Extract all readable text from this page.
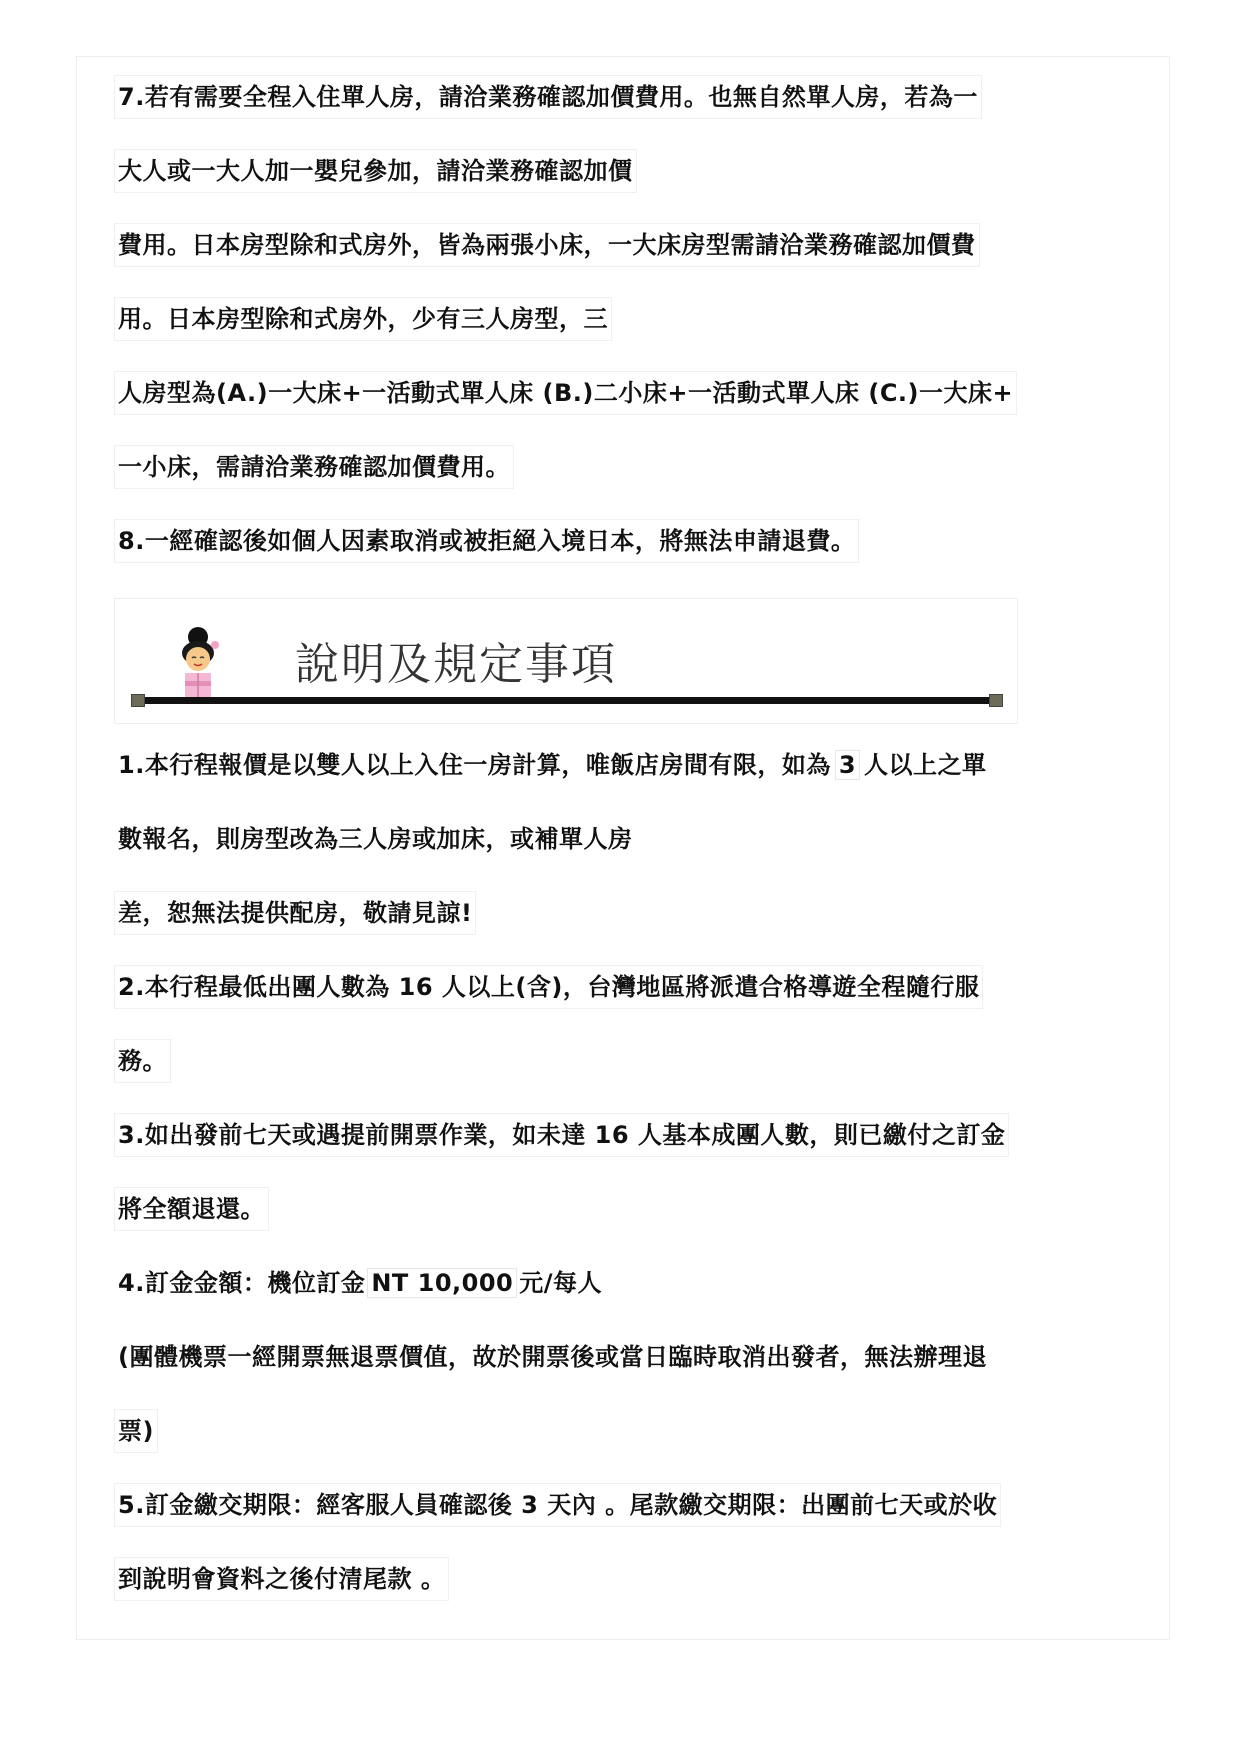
7.若有需要全程入住單人房，請洽業務確認加價費用。也無自然單人房，若為一
大人或一大人加一嬰兒參加，請洽業務確認加價
費用。日本房型除和式房外，皆為兩張小床，一大床房型需請洽業務確認加價費
用。日本房型除和式房外，少有三人房型，三
人房型為(A.)一大床+一活動式單人床 (B.)二小床+一活動式單人床 (C.)一大床+
一小床，需請洽業務確認加價費用。
8.一經確認後如個人因素取消或被拒絕入境日本，將無法申請退費。
說明及規定事項
1.本行程報價是以雙人以上入住一房計算，唯飯店房間有限，如為 3 人以上之單
數報名，則房型改為三人房或加床，或補單人房
差，恕無法提供配房，敬請見諒!
2.本行程最低出團人數為 16 人以上(含)，台灣地區將派遣合格導遊全程隨行服
務。
3.如出發前七天或遇提前開票作業，如未達 16 人基本成團人數，則已繳付之訂金
將全額退還。
4.訂金金額：機位訂金 NT 10,000 元/每人
(團體機票一經開票無退票價值，故於開票後或當日臨時取消出發者，無法辦理退
票)
5.訂金繳交期限：經客服人員確認後 3 天內 。尾款繳交期限：出團前七天或於收
到說明會資料之後付清尾款 。
